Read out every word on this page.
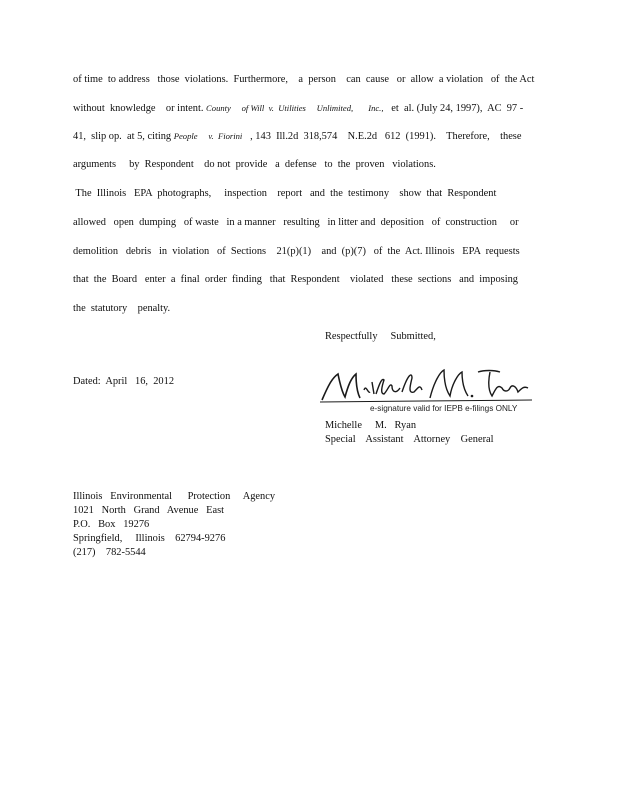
of time  to address   those  violations.  Furthermore,    a  person    can  cause   or  allow  a violation   of  the Act
without  knowledge    or intent. County     of Will  v.  Utilities     Unlimited,       Inc.,   et  al. (July 24, 1997),  AC  97 -
41,  slip op.  at 5, citing People     v.  Fiorini   , 143  Ill.2d  318,574    N.E.2d   612  (1991).    Therefore,    these
arguments     by  Respondent    do not  provide   a  defense   to  the  proven   violations.
The  Illinois   EPA  photographs,     inspection    report   and  the  testimony    show  that  Respondent
allowed   open  dumping   of waste   in a manner   resulting   in litter and  deposition   of  construction     or
demolition   debris   in  violation   of  Sections    21(p)(1)    and  (p)(7)   of  the  Act. Illinois   EPA  requests
that  the  Board   enter  a  final  order  finding   that  Respondent    violated   these  sections   and  imposing
the  statutory    penalty.
Respectfully     Submitted,
Dated:  April   16,  2012
e-signature valid for IEPB e-filings ONLY
Michelle     M.   Ryan
Special    Assistant    Attorney    General
Illinois   Environmental      Protection     Agency
1021   North   Grand   Avenue   East
P.O.   Box   19276
Springfield,     Illinois    62794-9276
(217)    782-5544
